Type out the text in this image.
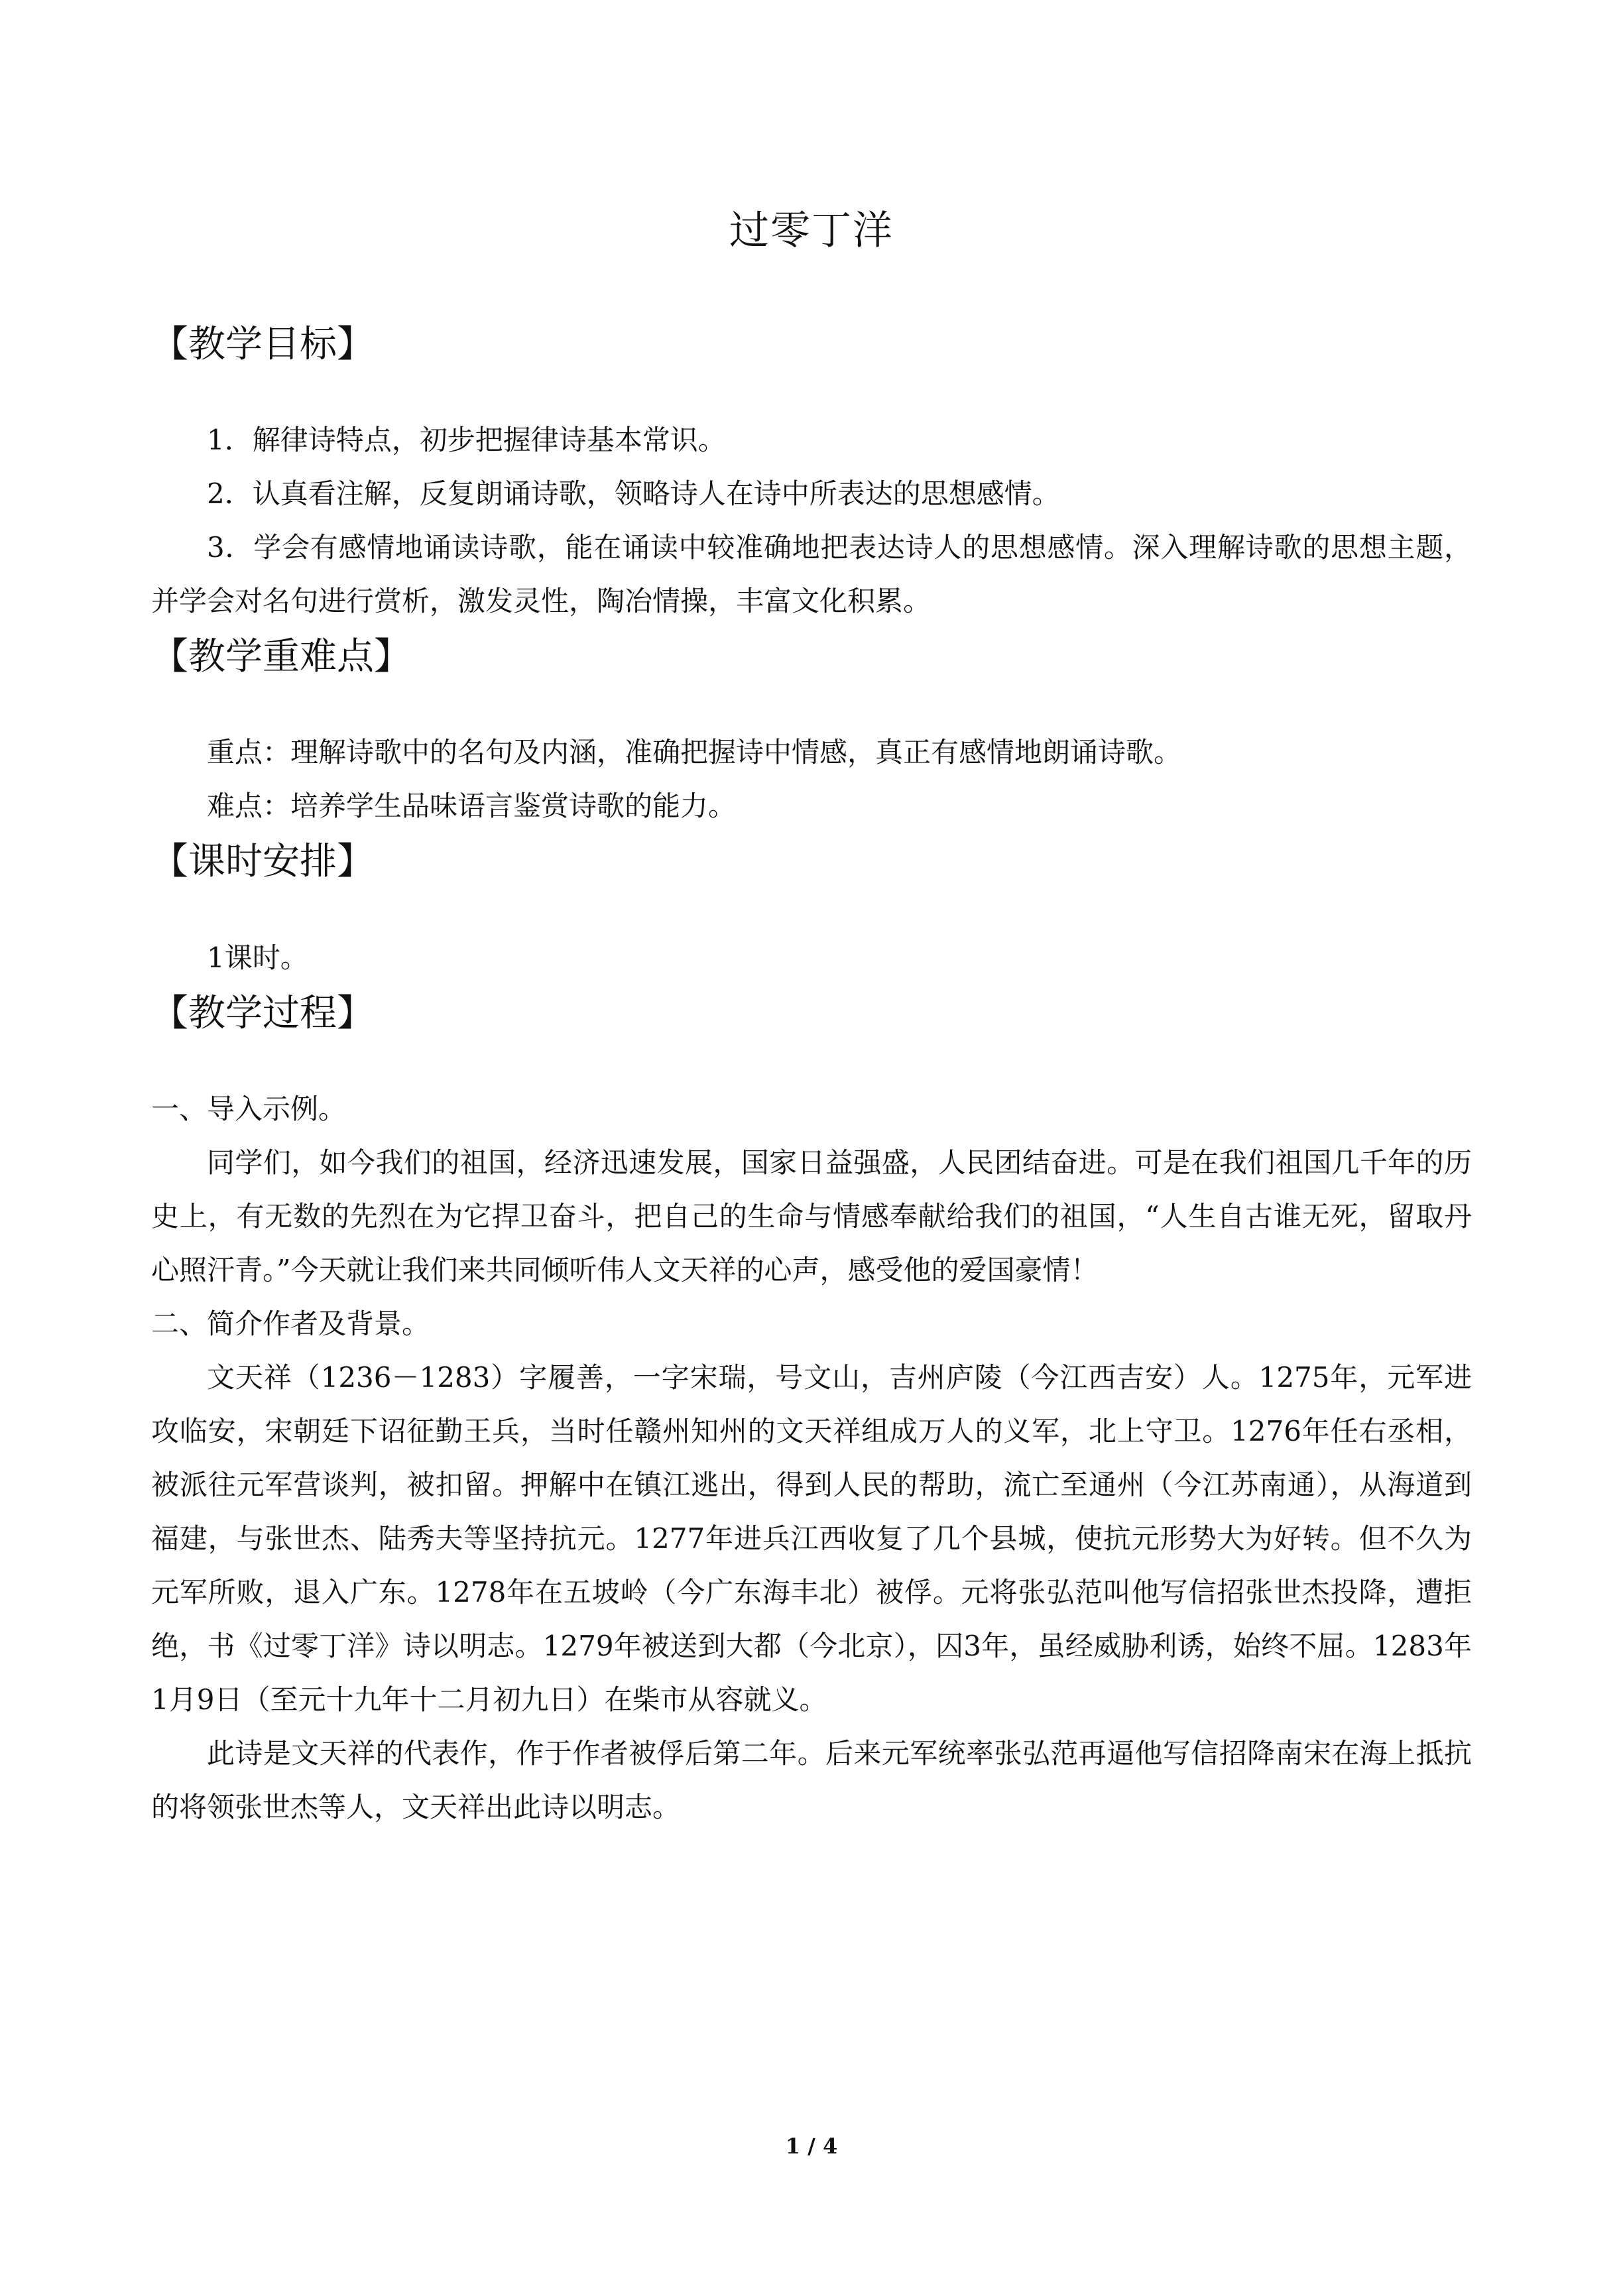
过零丁洋
【教学目标】

1．解律诗特点，初步把握律诗基本常识。

2．认真看注解，反复朗诵诗歌，领略诗人在诗中所表达的思想感情。

3．学会有感情地诵读诗歌，能在诵读中较准确地把表达诗人的思想感情。深入理解诗歌的思想主题，并学会对名句进行赏析，激发灵性，陶冶情操，丰富文化积累。

【教学重难点】

重点：理解诗歌中的名句及内涵，准确把握诗中情感，真正有感情地朗诵诗歌。

难点：培养学生品味语言鉴赏诗歌的能力。

【课时安排】

1课时。

【教学过程】

一、导入示例。

同学们，如今我们的祖国，经济迅速发展，国家日益强盛，人民团结奋进。可是在我们祖国几千年的历史上，有无数的先烈在为它捍卫奋斗，把自己的生命与情感奉献给我们的祖国，“人生自古谁无死，留取丹心照汗青。”今天就让我们来共同倾听伟人文天祥的心声，感受他的爱国豪情！

二、简介作者及背景。

文天祥（1236－1283）字履善，一字宋瑞，号文山，吉州庐陵（今江西吉安）人。1275年，元军进攻临安，宋朝廷下诏征勤王兵，当时任赣州知州的文天祥组成万人的义军，北上守卫。1276年任右丞相，被派往元军营谈判，被扣留。押解中在镇江逃出，得到人民的帮助，流亡至通州（今江苏南通），从海道到福建，与张世杰、陆秀夫等坚持抗元。1277年进兵江西收复了几个县城，使抗元形势大为好转。但不久为元军所败，退入广东。1278年在五坡岭（今广东海丰北）被俘。元将张弘范叫他写信招张世杰投降，遭拒绝，书《过零丁洋》诗以明志。1279年被送到大都（今北京），囚3年，虽经威胁利诱，始终不屈。1283年1月9日（至元十九年十二月初九日）在柴市从容就义。

此诗是文天祥的代表作，作于作者被俘后第二年。后来元军统率张弘范再逼他写信招降南宋在海上抵抗的将领张世杰等人，文天祥出此诗以明志。

1 / 4
